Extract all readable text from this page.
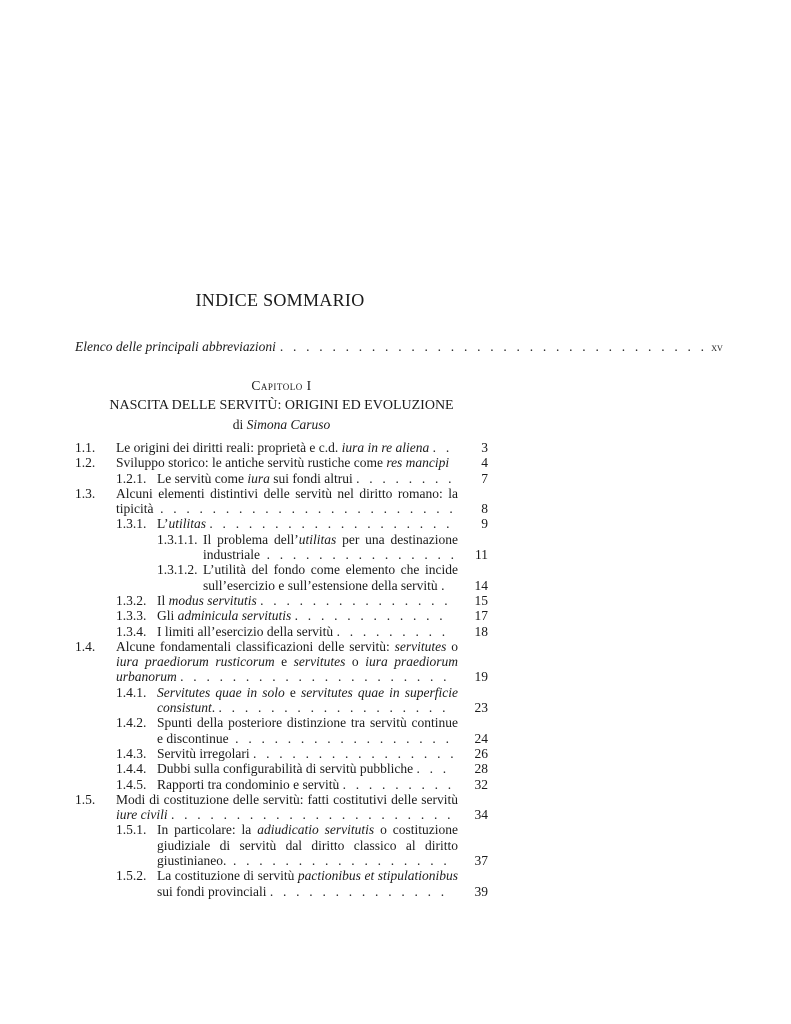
INDICE SOMMARIO
Elenco delle principali abbreviazioni . . . . . . . . . . . . . . . . . . . . . . . . . . . . . . . . . xv
Capitolo I
NASCITA DELLE SERVITÙ: ORIGINI ED EVOLUZIONE
di Simona Caruso
1.1. Le origini dei diritti reali: proprietà e c.d. iura in re aliena . .	3
1.2. Sviluppo storico: le antiche servitù rustiche come res mancipi	4
1.2.1. Le servitù come iura sui fondi altrui . . . . . . . .	7
1.3. Alcuni elementi distintivi delle servitù nel diritto romano: la tipicità . . . . . . . . . . . . . . . . . . . . . . .	8
1.3.1. L’utilitas . . . . . . . . . . . . . . . . . . .	9
1.3.1.1. Il problema dell’utilitas per una destinazione industriale . . . . . . . . . . . . . . .	11
1.3.1.2. L’utilità del fondo come elemento che incide sull’esercizio e sull’estensione della servitù .	14
1.3.2. Il modus servitutis . . . . . . . . . . . . . . .	15
1.3.3. Gli adminicula servitutis . . . . . . . . . . . .	17
1.3.4. I limiti all’esercizio della servitù . . . . . . . . .	18
1.4. Alcune fondamentali classificazioni delle servitù: servitutes o iura praediorum rusticorum e servitutes o iura praediorum urbanorum . . . . . . . . . . . . . . . . . . . . .	19
1.4.1. Servitutes quae in solo e servitutes quae in superficie consistunt. . . . . . . . . . . . . . . . . . .	23
1.4.2. Spunti della posteriore distinzione tra servitù continue e discontinue . . . . . . . . . . . . . . . . .	24
1.4.3. Servitù irregolari . . . . . . . . . . . . . . . .	26
1.4.4. Dubbi sulla configurabilità di servitù pubbliche . . .	28
1.4.5. Rapporti tra condominio e servitù . . . . . . . . .	32
1.5. Modi di costituzione delle servitù: fatti costitutivi delle servitù iure civili . . . . . . . . . . . . . . . . . . . . . .	34
1.5.1. In particolare: la adiudicatio servitutis o costituzione giudiziale di servitù dal diritto classico al diritto giustinianeo. . . . . . . . . . . . . . . . . .	37
1.5.2. La costituzione di servitù pactionibus et stipulationibus sui fondi provinciali . . . . . . . . . . . . . .	39
